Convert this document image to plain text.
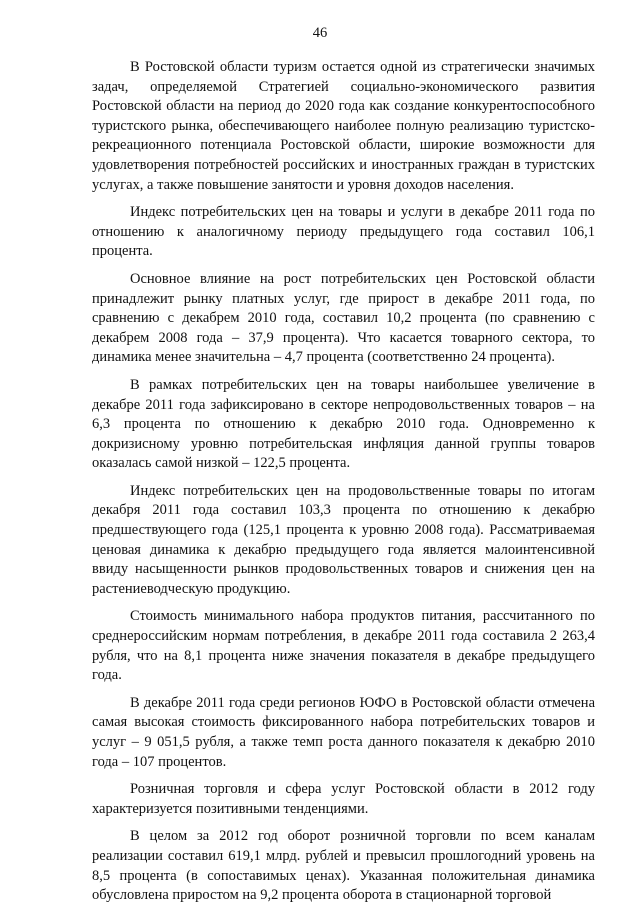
46

В Ростовской области туризм остается одной из стратегически значимых задач, определяемой Стратегией социально-экономического развития Ростовской области на период до 2020 года как создание конкурентоспособного туристского рынка, обеспечивающего наиболее полную реализацию туристско-рекреационного потенциала Ростовской области, широкие возможности для удовлетворения потребностей российских и иностранных граждан в туристских услугах, а также повышение занятости и уровня доходов населения.

Индекс потребительских цен на товары и услуги в декабре 2011 года по отношению к аналогичному периоду предыдущего года составил 106,1 процента.

Основное влияние на рост потребительских цен Ростовской области принадлежит рынку платных услуг, где прирост в декабре 2011 года, по сравнению с декабрем 2010 года, составил 10,2 процента (по сравнению с декабрем 2008 года – 37,9 процента). Что касается товарного сектора, то динамика менее значительна – 4,7 процента (соответственно 24 процента).

В рамках потребительских цен на товары наибольшее увеличение в декабре 2011 года зафиксировано в секторе непродовольственных товаров – на 6,3 процента по отношению к декабрю 2010 года. Одновременно к докризисному уровню потребительская инфляция данной группы товаров оказалась самой низкой – 122,5 процента.

Индекс потребительских цен на продовольственные товары по итогам декабря 2011 года составил 103,3 процента по отношению к декабрю предшествующего года (125,1 процента к уровню 2008 года). Рассматриваемая ценовая динамика к декабрю предыдущего года является малоинтенсивной ввиду насыщенности рынков продовольственных товаров и снижения цен на растениеводческую продукцию.

Стоимость минимального набора продуктов питания, рассчитанного по среднероссийским нормам потребления, в декабре 2011 года составила 2 263,4 рубля, что на 8,1 процента ниже значения показателя в декабре предыдущего года.

В декабре 2011 года среди регионов ЮФО в Ростовской области отмечена самая высокая стоимость фиксированного набора потребительских товаров и услуг – 9 051,5 рубля, а также темп роста данного показателя к декабрю 2010 года – 107 процентов.

Розничная торговля и сфера услуг Ростовской области в 2012 году характеризуется позитивными тенденциями.

В целом за 2012 год оборот розничной торговли по всем каналам реализации составил 619,1 млрд. рублей и превысил прошлогодний уровень на 8,5 процента (в сопоставимых ценах). Указанная положительная динамика обусловлена приростом на 9,2 процента оборота в стационарной торговой
